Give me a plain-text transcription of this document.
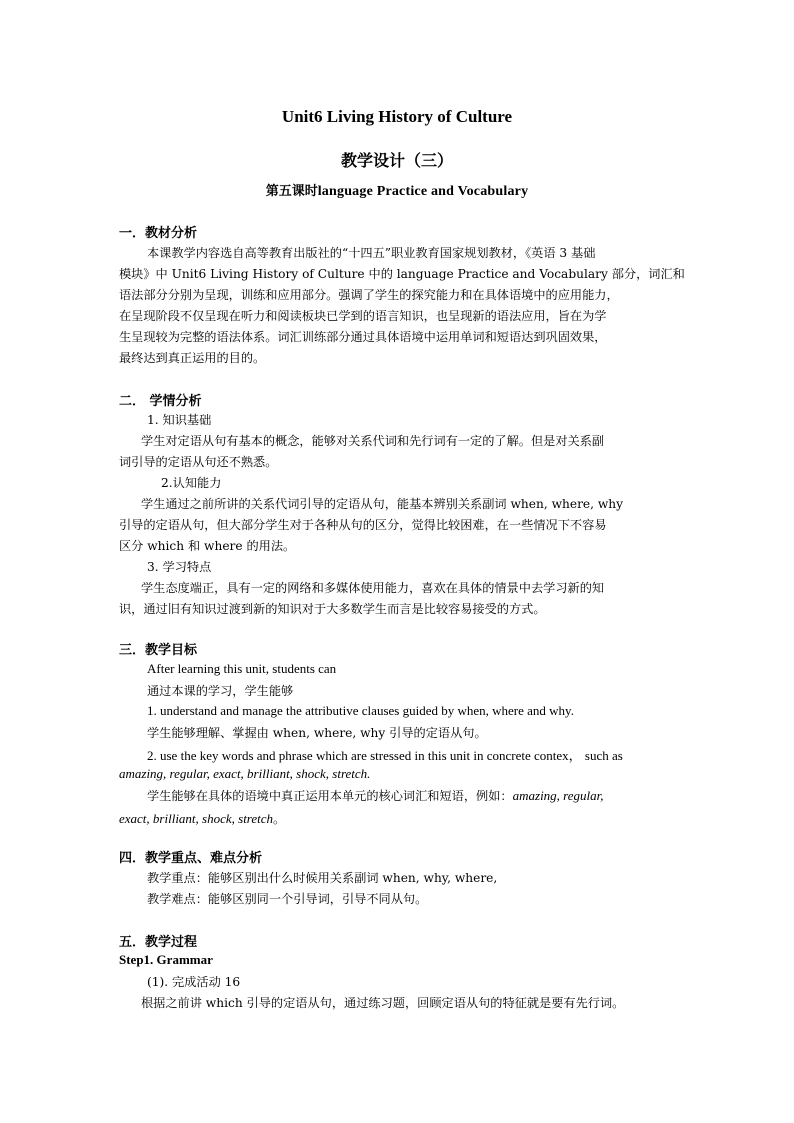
Unit6 Living History of Culture
教学设计（三）
第五课时language Practice and Vocabulary
一．教材分析
本课教学内容选自高等教育出版社的“十四五”职业教育国家规划教材，《英语 3 基础
模块》中 Unit6 Living History of Culture 中的 language Practice and Vocabulary 部分，词汇和
语法部分分别为呈现，训练和应用部分。强调了学生的探究能力和在具体语境中的应用能力，
在呈现阶段不仅呈现在听力和阅读板块已学到的语言知识，也呈现新的语法应用，旨在为学
生呈现较为完整的语法体系。词汇训练部分通过具体语境中运用单词和短语达到巩固效果，
最终达到真正运用的目的。
二． 学情分析
1. 知识基础
学生对定语从句有基本的概念，能够对关系代词和先行词有一定的了解。但是对关系副
词引导的定语从句还不熟悉。
2.认知能力
学生通过之前所讲的关系代词引导的定语从句，能基本辨别关系副词 when, where, why
引导的定语从句，但大部分学生对于各种从句的区分，觉得比较困难，在一些情况下不容易
区分 which 和 where 的用法。
3. 学习特点
学生态度端正，具有一定的网络和多媒体使用能力，喜欢在具体的情景中去学习新的知
识，通过旧有知识过渡到新的知识对于大多数学生而言是比较容易接受的方式。
三．教学目标
After learning this unit, students can
通过本课的学习，学生能够
1. understand and manage the attributive clauses guided by when, where and why.
学生能够理解、掌握由 when, where, why 引导的定语从句。
2. use the key words and phrase which are stressed in this unit in concrete contex， such as
amazing, regular, exact, brilliant, shock, stretch.
学生能够在具体的语境中真正运用本单元的核心词汇和短语，例如：amazing, regular,
exact, brilliant, shock, stretch。
四．教学重点、难点分析
教学重点：能够区别出什么时候用关系副词 when, why, where,
教学难点：能够区别同一个引导词，引导不同从句。
五．教学过程
Step1. Grammar
(1). 完成活动 16
根据之前讲 which 引导的定语从句，通过练习题，回顾定语从句的特征就是要有先行词。
